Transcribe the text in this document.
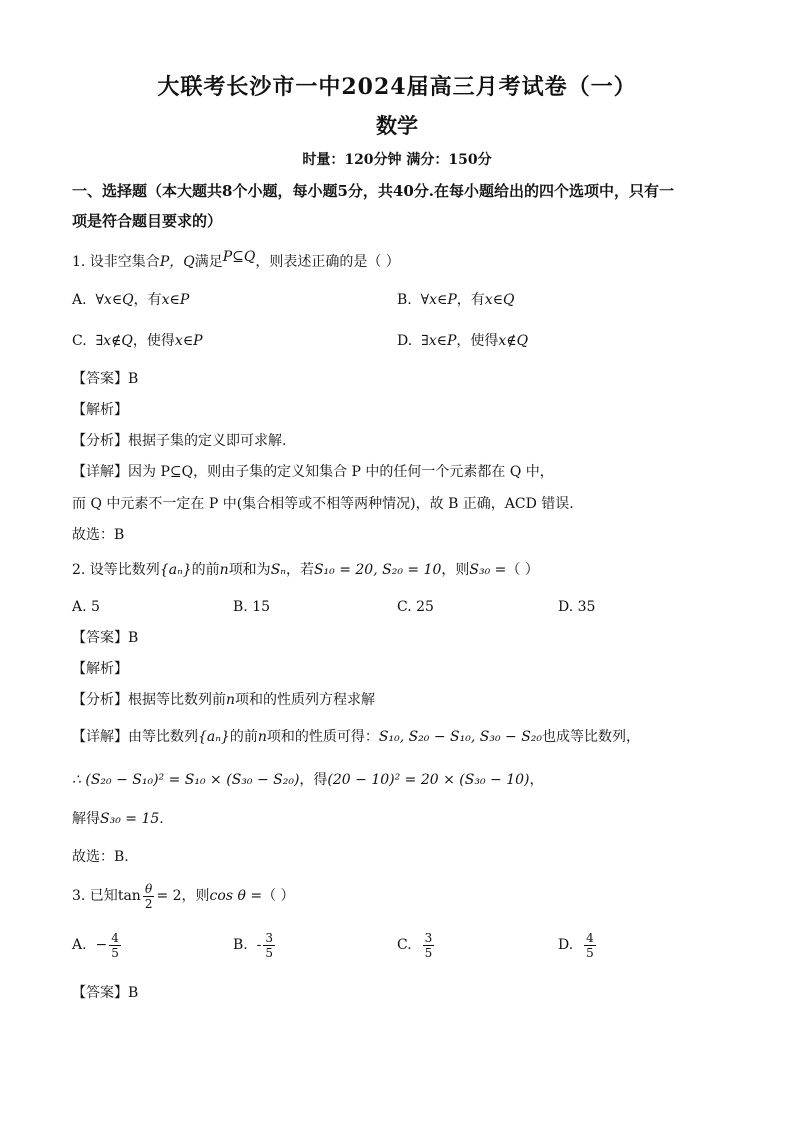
大联考长沙市一中2024届高三月考试卷（一）
数学
时量：120分钟 满分：150分
一、选择题（本大题共8个小题，每小题5分，共40分.在每小题给出的四个选项中，只有一
项是符合题目要求的）
1. 设非空集合P，Q满足P⊆Q，则表述正确的是（ ）
A. ∀x∈Q，有x∈P	B. ∀x∈P，有x∈Q
C. ∃x∉Q，使得x∈P	D. ∃x∈P，使得x∉Q
【答案】B
【解析】
【分析】根据子集的定义即可求解.
【详解】因为 P⊆Q，则由子集的定义知集合 P 中的任何一个元素都在 Q 中，
而 Q 中元素不一定在 P 中(集合相等或不相等两种情况)，故 B 正确，ACD 错误.
故选：B
2. 设等比数列{aₙ}的前n项和为Sₙ，若S₁₀ = 20, S₂₀ = 10，则S₃₀ =（ ）
A. 5	B. 15	C. 25	D. 35
【答案】B
【解析】
【分析】根据等比数列前n项和的性质列方程求解
【详解】由等比数列{aₙ}的前n项和的性质可得：S₁₀, S₂₀ − S₁₀, S₃₀ − S₂₀也成等比数列，
∴ (S₂₀ − S₁₀)² = S₁₀ × (S₃₀ − S₂₀)，得(20 − 10)² = 20 × (S₃₀ − 10)，
解得S₃₀ = 15.
故选：B.
3. 已知$\tan \frac{\theta}{2} = 2$，则cos θ =（ ）
A. − $\frac{4}{5}$	B. - $\frac{3}{5}$	C. $\frac{3}{5}$	D. $\frac{4}{5}$
【答案】B
